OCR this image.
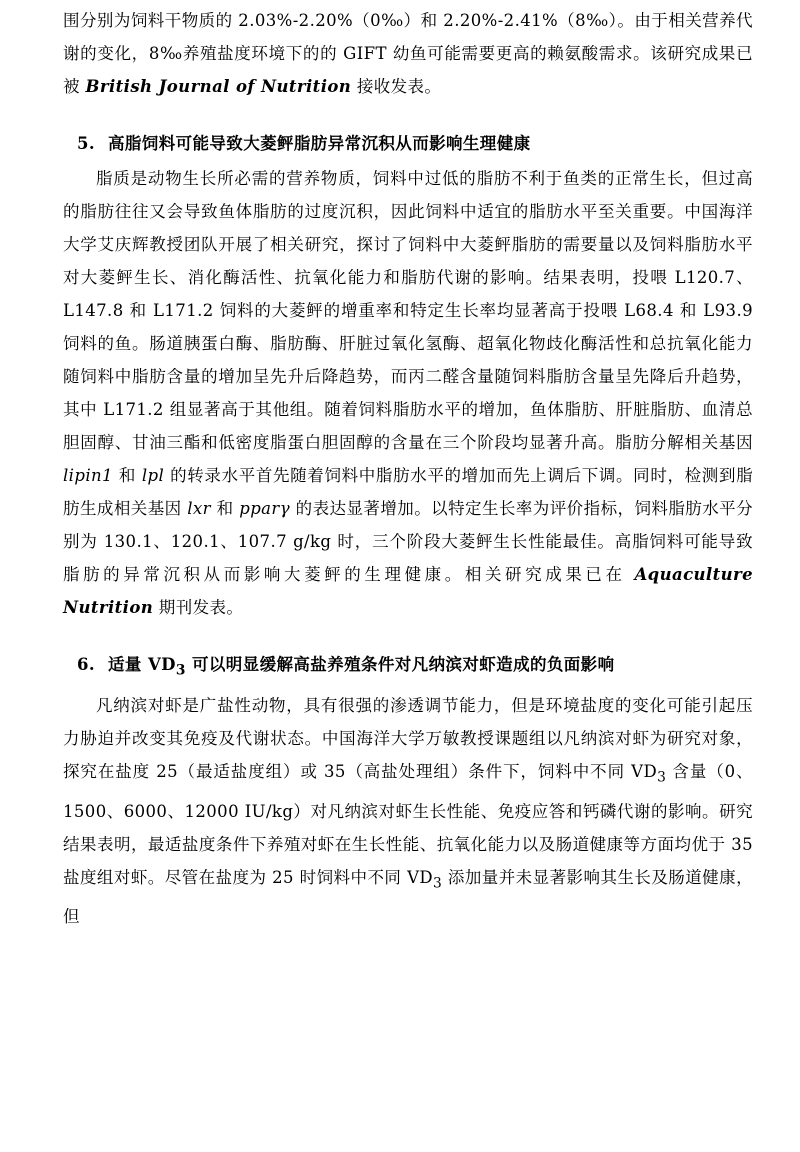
围分别为饲料干物质的 2.03%-2.20%（0‰）和 2.20%-2.41%（8‰）。由于相关营养代谢的变化，8‰养殖盐度环境下的的 GIFT 幼鱼可能需要更高的赖氨酸需求。该研究成果已被 British Journal of Nutrition 接收发表。

5. 高脂饲料可能导致大菱鲆脂肪异常沉积从而影响生理健康

脂质是动物生长所必需的营养物质，饲料中过低的脂肪不利于鱼类的正常生长，但过高的脂肪往往又会导致鱼体脂肪的过度沉积，因此饲料中适宜的脂肪水平至关重要。中国海洋大学艾庆辉教授团队开展了相关研究，探讨了饲料中大菱鲆脂肪的需要量以及饲料脂肪水平对大菱鲆生长、消化酶活性、抗氧化能力和脂肪代谢的影响。结果表明，投喂 L120.7、L147.8 和 L171.2 饲料的大菱鲆的增重率和特定生长率均显著高于投喂 L68.4 和 L93.9 饲料的鱼。肠道胰蛋白酶、脂肪酶、肝脏过氧化氢酶、超氧化物歧化酶活性和总抗氧化能力随饲料中脂肪含量的增加呈先升后降趋势，而丙二醛含量随饲料脂肪含量呈先降后升趋势，其中 L171.2 组显著高于其他组。随着饲料脂肪水平的增加，鱼体脂肪、肝脏脂肪、血清总胆固醇、甘油三酯和低密度脂蛋白胆固醇的含量在三个阶段均显著升高。脂肪分解相关基因 lipin1 和 lpl 的转录水平首先随着饲料中脂肪水平的增加而先上调后下调。同时，检测到脂肪生成相关基因 lxr 和 pparγ 的表达显著增加。以特定生长率为评价指标，饲料脂肪水平分别为 130.1、120.1、107.7 g/kg 时，三个阶段大菱鲆生长性能最佳。高脂饲料可能导致脂肪的异常沉积从而影响大菱鲆的生理健康。相关研究成果已在 Aquaculture Nutrition 期刊发表。

6. 适量 $VD_3$ 可以明显缓解高盐养殖条件对凡纳滨对虾造成的负面影响

凡纳滨对虾是广盐性动物，具有很强的渗透调节能力，但是环境盐度的变化可能引起压力胁迫并改变其免疫及代谢状态。中国海洋大学万敏教授课题组以凡纳滨对虾为研究对象，探究在盐度 25（最适盐度组）或 35（高盐处理组）条件下，饲料中不同 $VD_3$ 含量（0、1500、6000、12000 IU/kg）对凡纳滨对虾生长性能、免疫应答和钙磷代谢的影响。研究结果表明，最适盐度条件下养殖对虾在生长性能、抗氧化能力以及肠道健康等方面均优于 35 盐度组对虾。尽管在盐度为 25 时饲料中不同 $VD_3$ 添加量并未显著影响其生长及肠道健康，但
